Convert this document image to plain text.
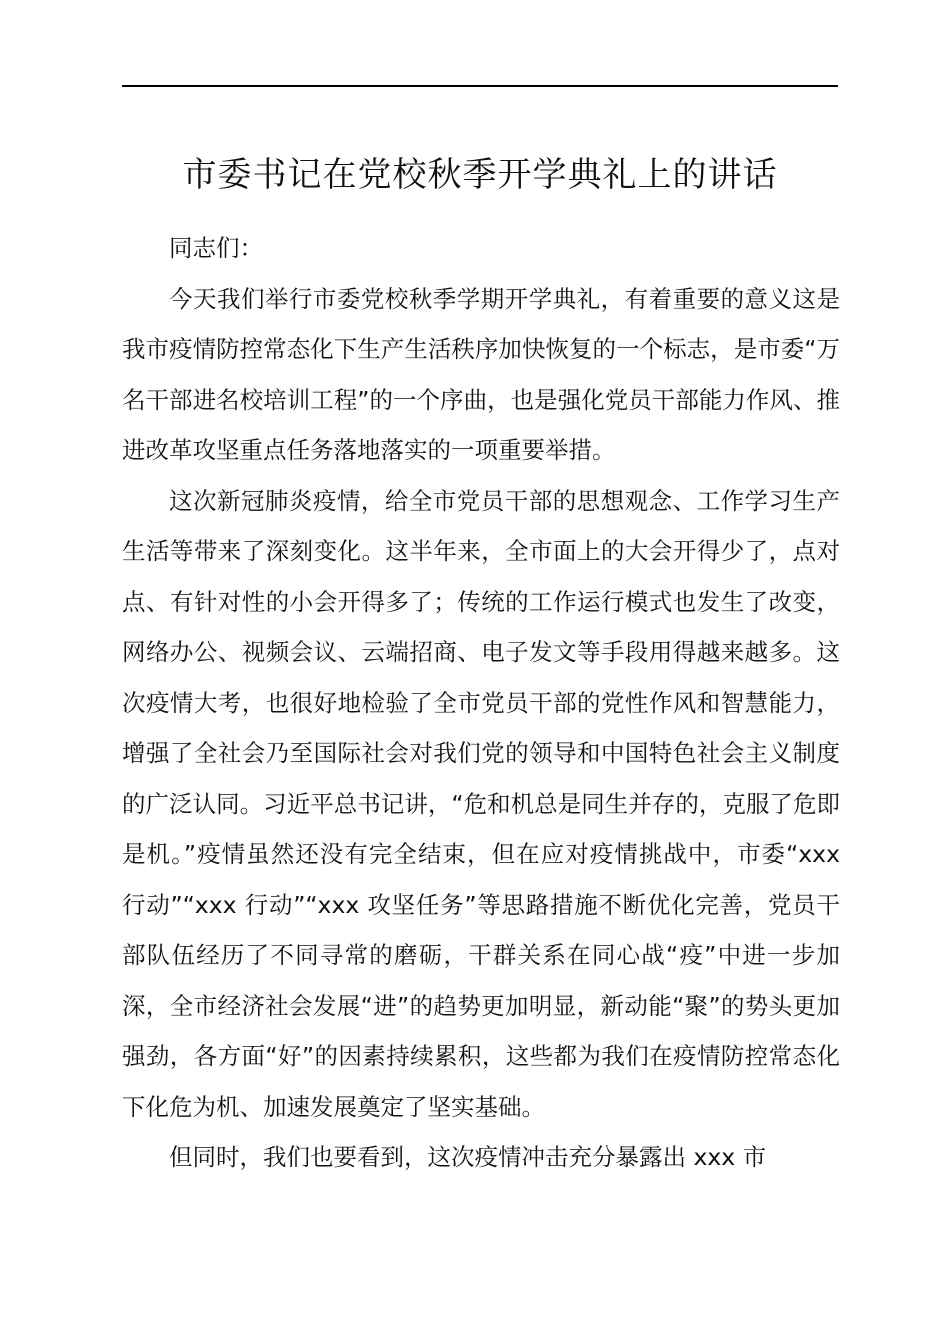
市委书记在党校秋季开学典礼上的讲话

同志们：

今天我们举行市委党校秋季学期开学典礼，有着重要的意义这是我市疫情防控常态化下生产生活秩序加快恢复的一个标志，是市委“万名干部进名校培训工程”的一个序曲，也是强化党员干部能力作风、推进改革攻坚重点任务落地落实的一项重要举措。

这次新冠肺炎疫情，给全市党员干部的思想观念、工作学习生产生活等带来了深刻变化。这半年来，全市面上的大会开得少了，点对点、有针对性的小会开得多了；传统的工作运行模式也发生了改变，网络办公、视频会议、云端招商、电子发文等手段用得越来越多。这次疫情大考，也很好地检验了全市党员干部的党性作风和智慧能力，增强了全社会乃至国际社会对我们党的领导和中国特色社会主义制度的广泛认同。习近平总书记讲，“危和机总是同生并存的，克服了危即是机。”疫情虽然还没有完全结束，但在应对疫情挑战中，市委“xxx 行动”“xxx 行动”“xxx 攻坚任务”等思路措施不断优化完善，党员干部队伍经历了不同寻常的磨砺，干群关系在同心战“疫”中进一步加深，全市经济社会发展“进”的趋势更加明显，新动能“聚”的势头更加强劲，各方面“好”的因素持续累积，这些都为我们在疫情防控常态化下化危为机、加速发展奠定了坚实基础。

但同时，我们也要看到，这次疫情冲击充分暴露出 xxx 市
